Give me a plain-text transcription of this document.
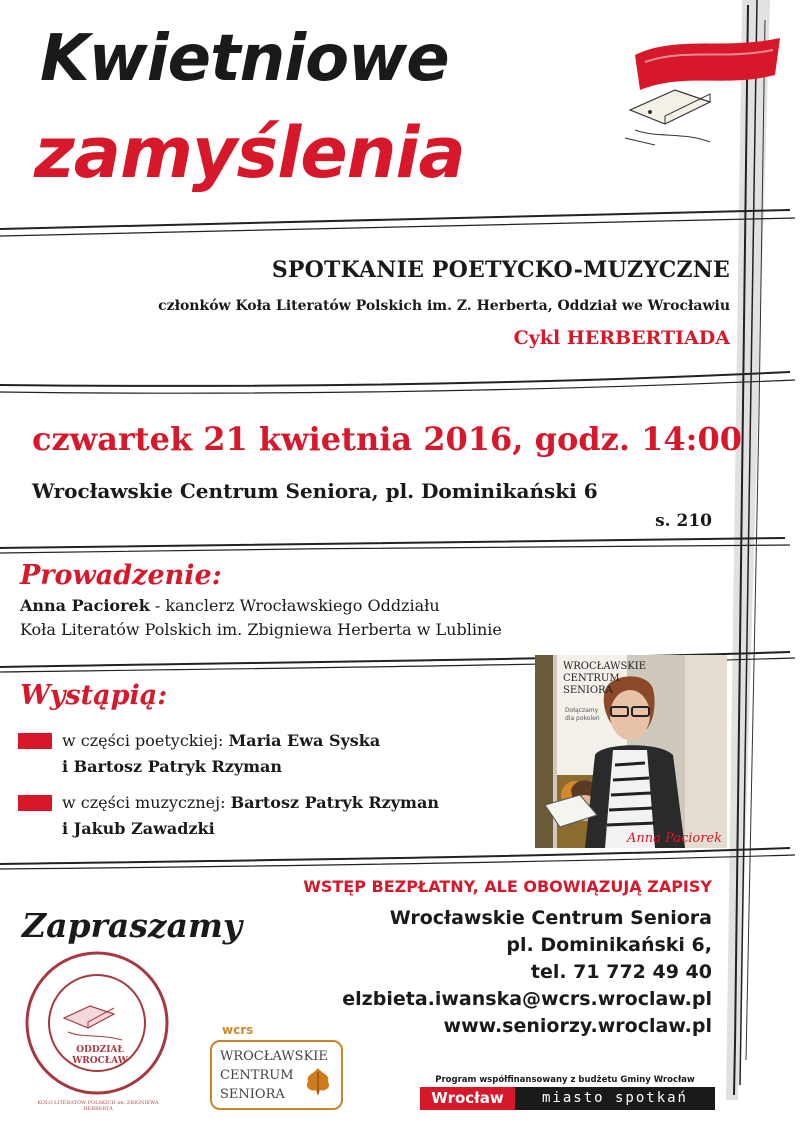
Kwietniowe
zamyślenia
SPOTKANIE POETYCKO-MUZYCZNE
członków Koła Literatów Polskich im. Z. Herberta, Oddział we Wrocławiu
Cykl HERBERTIADA
czwartek 21 kwietnia 2016, godz. 14:00
Wrocławskie Centrum Seniora, pl. Dominikański 6
s. 210
Prowadzenie:
Anna Paciorek - kanclerz Wrocławskiego Oddziału
Koła Literatów Polskich im. Zbigniewa Herberta w Lublinie
Wystąpią:
w części poetyckiej: Maria Ewa Syska
i Bartosz Patryk Rzyman
w części muzycznej: Bartosz Patryk Rzyman
i Jakub Zawadzki
WROCŁAWSKIE
CENTRUM
SENIORA
Dołączamy
dla pokoleń
Anna Paciorek
WSTĘP BEZPŁATNY, ALE OBOWIĄZUJĄ ZAPISY
Wrocławskie Centrum Seniora
pl. Dominikański 6,
tel. 71 772 49 40
elzbieta.iwanska@wcrs.wroclaw.pl
www.seniorzy.wroclaw.pl
Zapraszamy
KOŁO LITERATÓW POLSKICH im. ZBIGNIEWA HERBERTA
ODDZIAŁ
WROCŁAW
wcrs
WROCŁAWSKIE
CENTRUM
SENIORA
Program współfinansowany z budżetu Gminy Wrocław
Wrocław	miasto spotkań
